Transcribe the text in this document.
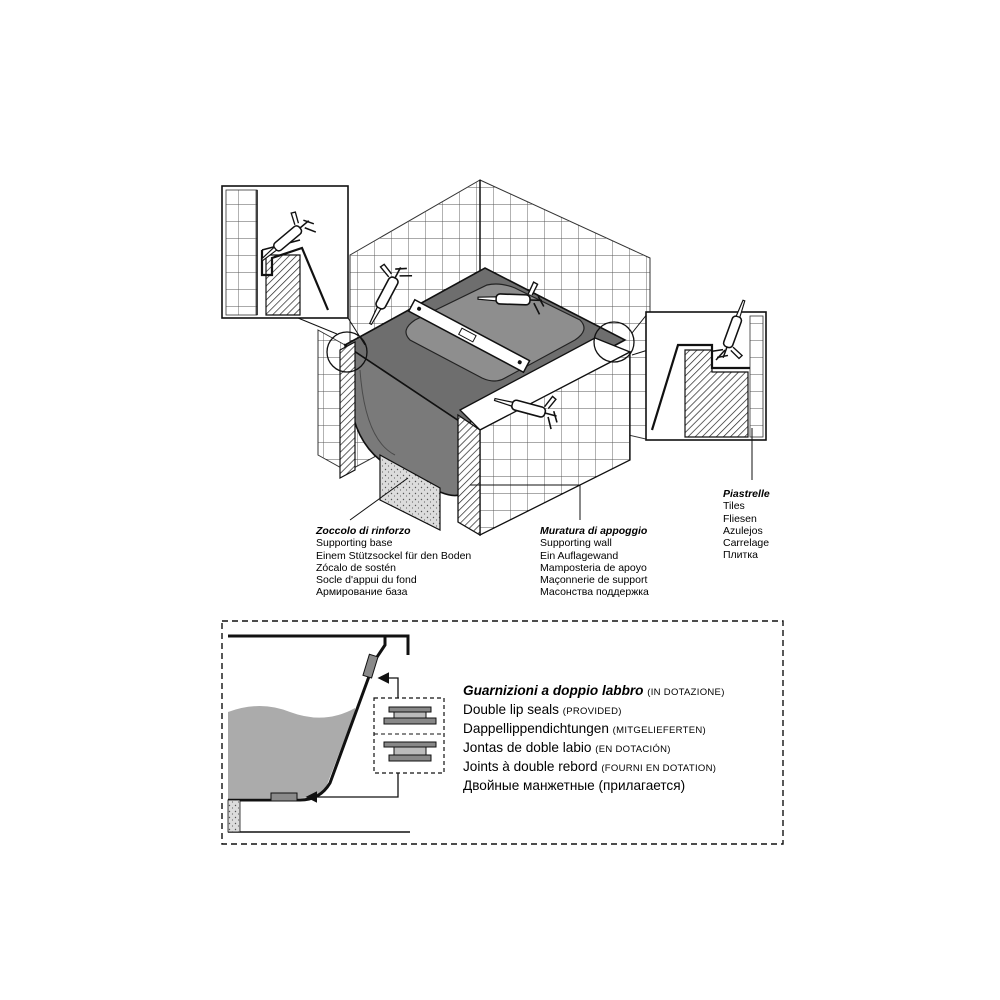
Zoccolo di rinforzo
Supporting base
Einem Stützsockel für den Boden
Zócalo de sostén
Socle d'appui du fond
Армирование база
Muratura di appoggio
Supporting wall
Ein Auflagewand
Mamposteria de apoyo
Maçonnerie de support
Масонства поддержка
Piastrelle
Tiles
Fliesen
Azulejos
Carrelage
Плитка
Guarnizioni a doppio labbro (IN DOTAZIONE)
Double lip seals (PROVIDED)
Dappellippendichtungen (MITGELIEFERTEN)
Jontas de doble labio (EN DOTACIÓN)
Joints à double rebord (FOURNI EN DOTATION)
Двойные манжетные (прилагается)
